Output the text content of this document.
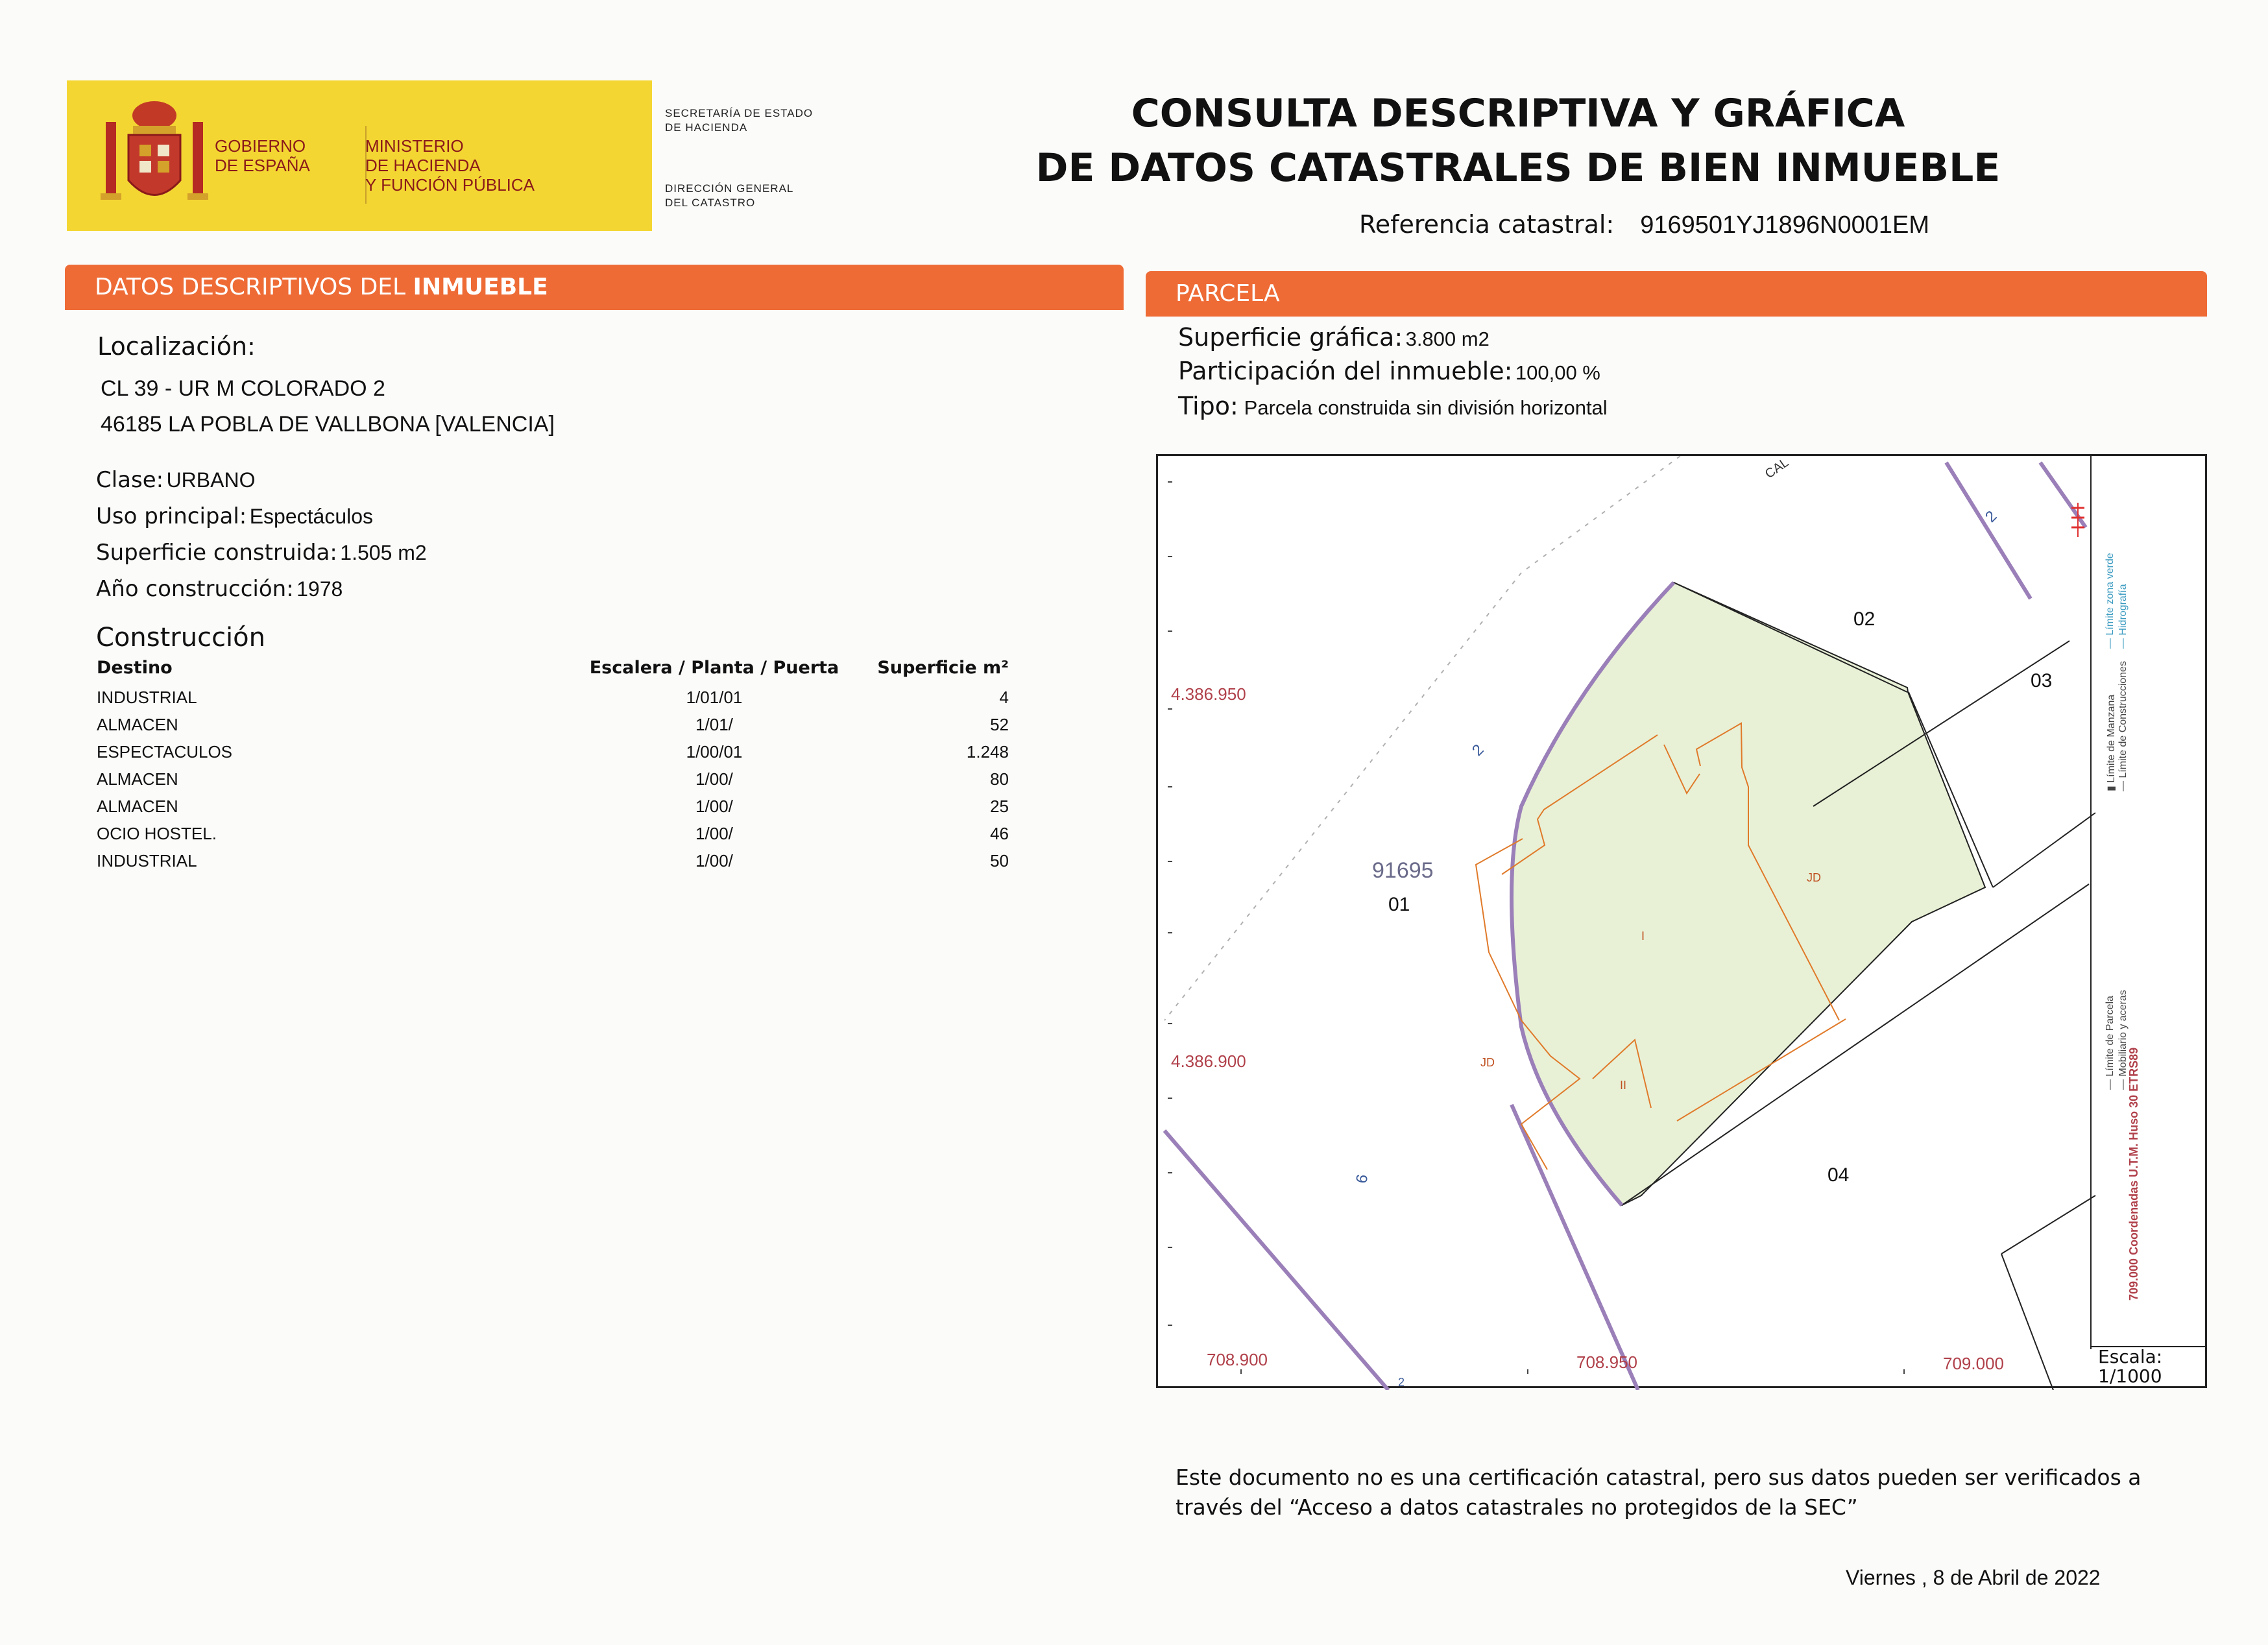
GOBIERNO
DE ESPAÑA
MINISTERIO
DE HACIENDA
Y FUNCIÓN PÚBLICA
SECRETARÍA DE ESTADO
DE HACIENDA
DIRECCIÓN GENERAL
DEL CATASTRO
CONSULTA DESCRIPTIVA Y GRÁFICA
DE DATOS CATASTRALES DE BIEN INMUEBLE
Referencia catastral: 9169501YJ1896N0001EM
DATOS DESCRIPTIVOS DEL INMUEBLE
Localización:
CL 39 - UR M COLORADO 2
46185 LA POBLA DE VALLBONA [VALENCIA]
Clase: URBANO
Uso principal: Espectáculos
Superficie construida: 1.505 m2
Año construcción: 1978
Construcción
Destino	Escalera / Planta / Puerta	Superficie m²
INDUSTRIAL	1/01/01	4
ALMACEN	1/01/	52
ESPECTACULOS	1/00/01	1.248
ALMACEN	1/00/	80
ALMACEN	1/00/	25
OCIO HOSTEL.	1/00/	46
INDUSTRIAL	1/00/	50
PARCELA
Superficie gráfica: 3.800 m2
Participación del inmueble: 100,00 %
Tipo: Parcela construida sin división horizontal
4.386.950
4.386.900
708.900	708.950	709.000
02
03
04
01
91695	JD
JD
I
II
2
2
9
2
CAL
▮ Límite de Manzana
— Límite de Construcciones
— Límite de Parcela
— Mobiliario y aceras
— Límite zona verde
— Hidrografía
709.000 Coordenadas U.T.M. Huso 30 ETRS89
Escala:
1/1000
Este documento no es una certificación catastral, pero sus datos pueden ser verificados a
través del “Acceso a datos catastrales no protegidos de la SEC”
Viernes , 8 de Abril de 2022
